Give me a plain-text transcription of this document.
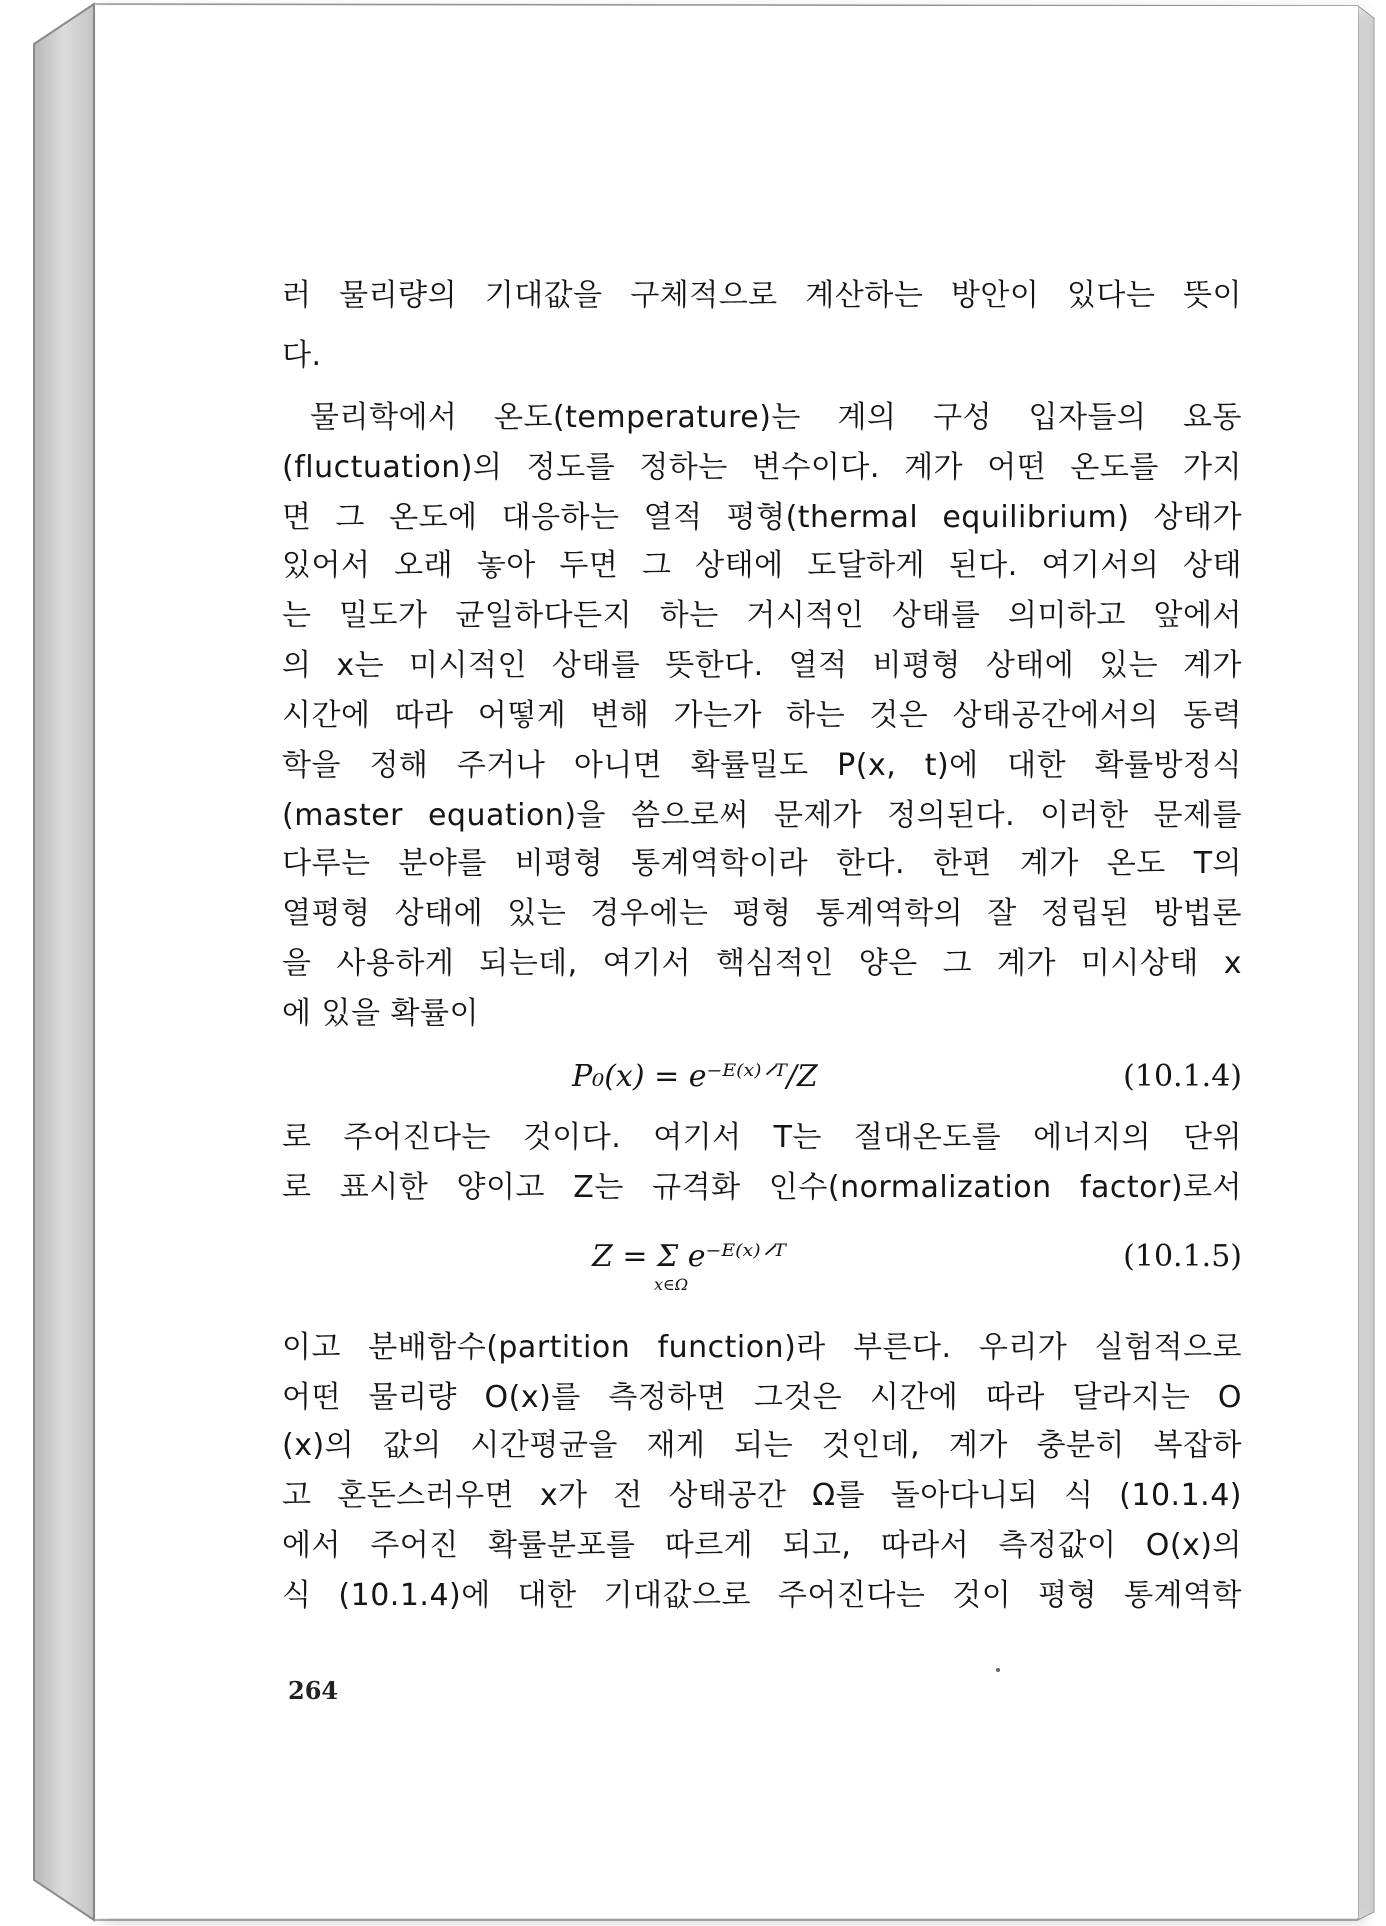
러 물리량의 기대값을 구체적으로 계산하는 방안이 있다는 뜻이
다.
물리학에서 온도(temperature)는 계의 구성 입자들의 요동
(fluctuation)의 정도를 정하는 변수이다. 계가 어떤 온도를 가지
면 그 온도에 대응하는 열적 평형(thermal equilibrium) 상태가
있어서 오래 놓아 두면 그 상태에 도달하게 된다. 여기서의 상태
는 밀도가 균일하다든지 하는 거시적인 상태를 의미하고 앞에서
의 x는 미시적인 상태를 뜻한다. 열적 비평형 상태에 있는 계가
시간에 따라 어떻게 변해 가는가 하는 것은 상태공간에서의 동력
학을 정해 주거나 아니면 확률밀도 P(x, t)에 대한 확률방정식
(master equation)을 씀으로써 문제가 정의된다. 이러한 문제를
다루는 분야를 비평형 통계역학이라 한다. 한편 계가 온도 T의
열평형 상태에 있는 경우에는 평형 통계역학의 잘 정립된 방법론
을 사용하게 되는데, 여기서 핵심적인 양은 그 계가 미시상태 x
에 있을 확률이
P₀(x) = e⁻ᴱ⁽ˣ⁾ᐟᵀ/Z	(10.1.4)
로 주어진다는 것이다. 여기서 T는 절대온도를 에너지의 단위
로 표시한 양이고 Z는 규격화 인수(normalization factor)로서
Z = Σ e⁻ᴱ⁽ˣ⁾ᐟᵀ
x∈Ω
(10.1.5)
이고 분배함수(partition function)라 부른다. 우리가 실험적으로
어떤 물리량 O(x)를 측정하면 그것은 시간에 따라 달라지는 O
(x)의 값의 시간평균을 재게 되는 것인데, 계가 충분히 복잡하
고 혼돈스러우면 x가 전 상태공간 Ω를 돌아다니되 식 (10.1.4)
에서 주어진 확률분포를 따르게 되고, 따라서 측정값이 O(x)의
식 (10.1.4)에 대한 기대값으로 주어진다는 것이 평형 통계역학
264
